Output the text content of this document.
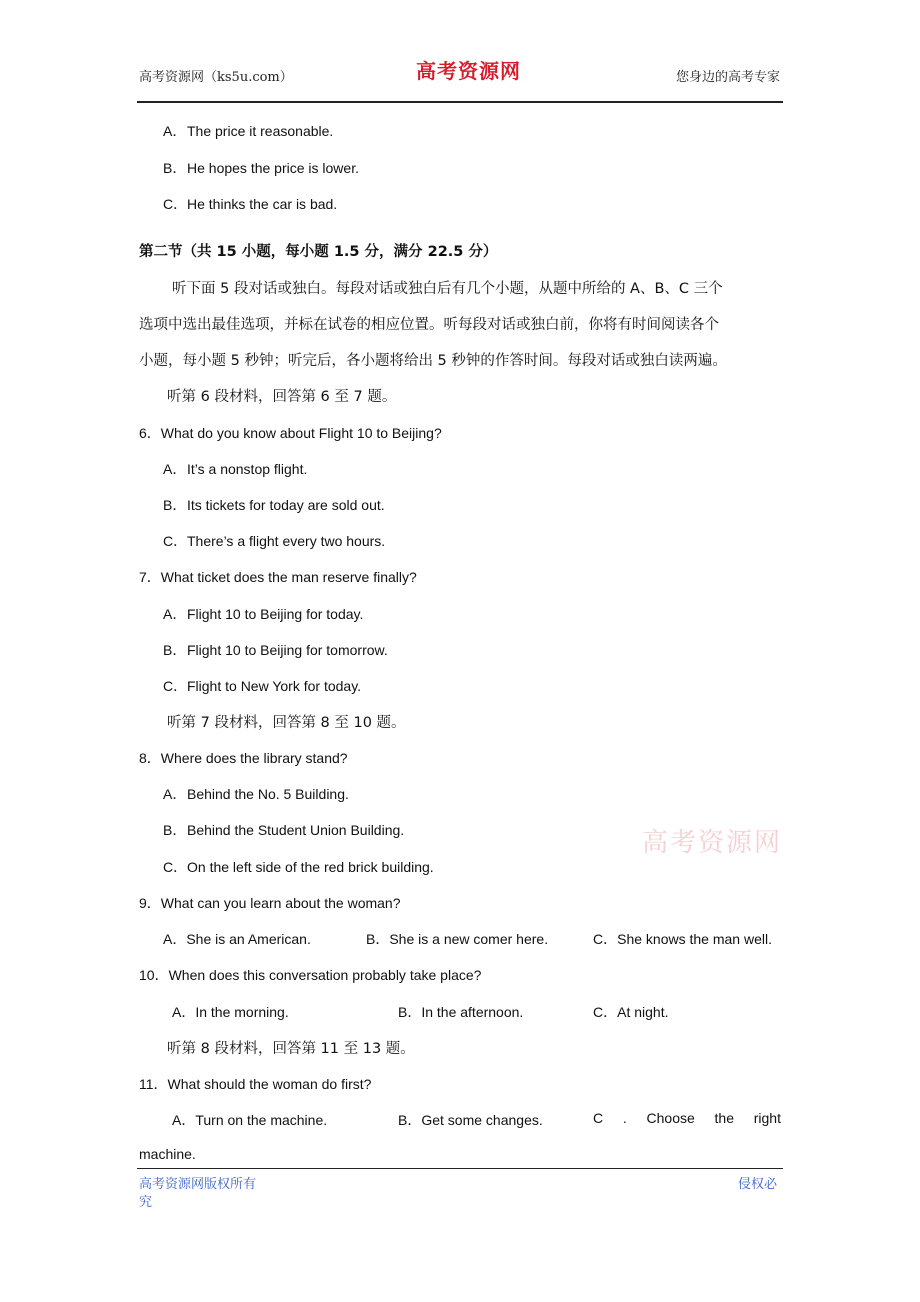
高考资源网（ks5u.com）	高考资源网	您身边的高考专家
A．The price it reasonable.
B．He hopes the price is lower.
C．He thinks the car is bad.
第二节（共 15 小题，每小题 1.5 分，满分 22.5 分）
听下面 5 段对话或独白。每段对话或独白后有几个小题，从题中所给的 A、B、C 三个
选项中选出最佳选项，并标在试卷的相应位置。听每段对话或独白前，你将有时间阅读各个
小题，每小题 5 秒钟；听完后，各小题将给出 5 秒钟的作答时间。每段对话或独白读两遍。
听第 6 段材料，回答第 6 至 7 题。
6．What do you know about Flight 10 to Beijing?
A．It’s a nonstop flight.
B．Its tickets for today are sold out.
C．There’s a flight every two hours.
7．What ticket does the man reserve finally?
A．Flight 10 to Beijing for today.
B．Flight 10 to Beijing for tomorrow.
C．Flight to New York for today.
听第 7 段材料，回答第 8 至 10 题。
8．Where does the library stand?
A．Behind the No. 5 Building.
B．Behind the Student Union Building.
C．On the left side of the red brick building.
高考资源网
9．What can you learn about the woman?
A．She is an American.	B．She is a new comer here.	C．She knows the man well.
10．When does this conversation probably take place?
A．In the morning.	B．In the afternoon.	C．At night.
听第 8 段材料，回答第 11 至 13 题。
11．What should the woman do first?
A．Turn on the machine.	B．Get some changes.	C . Choose the right
machine.
高考资源网版权所有
究
侵权必
